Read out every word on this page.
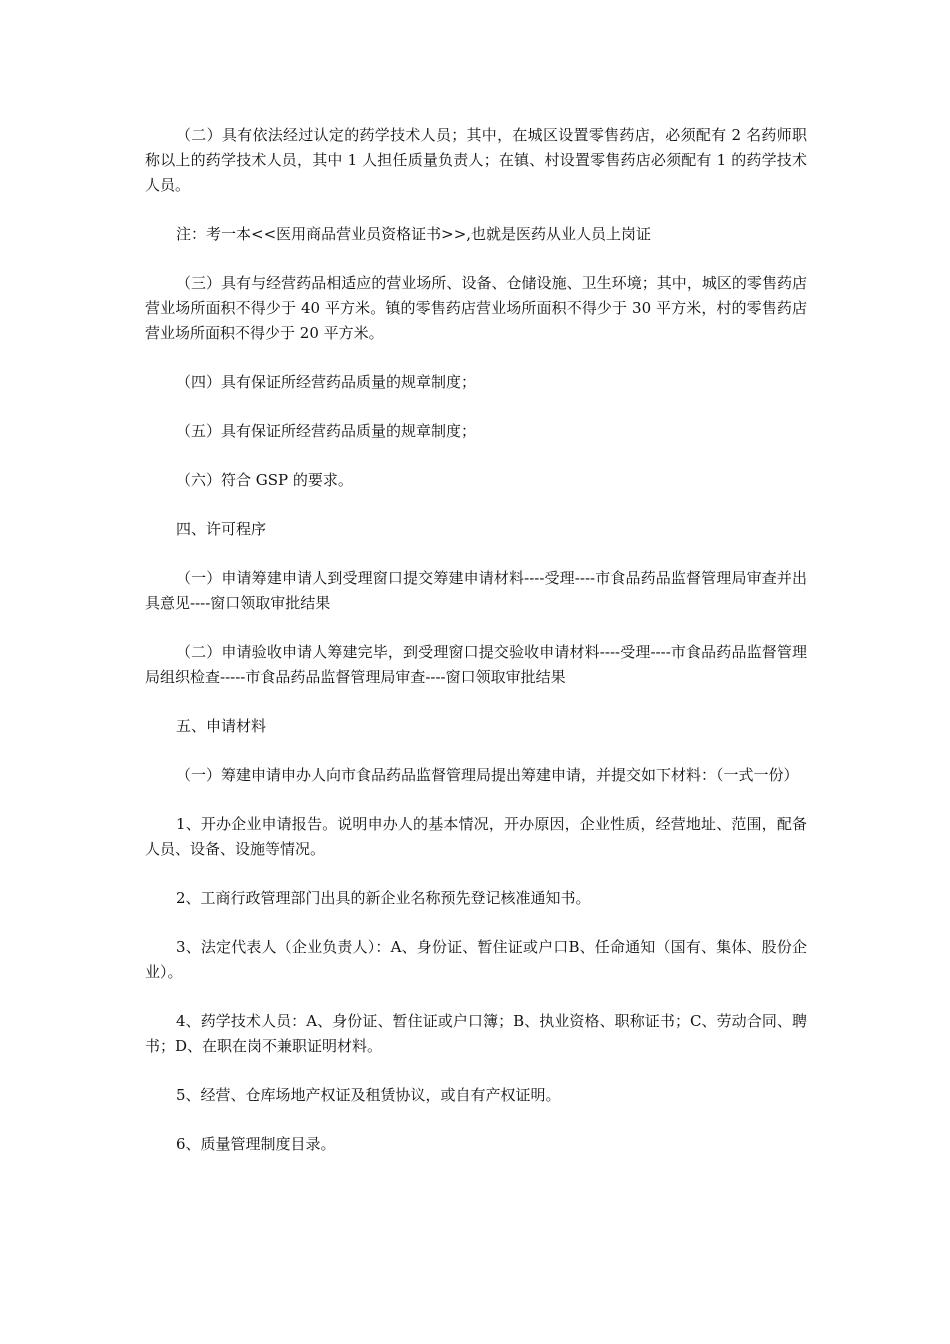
（二）具有依法经过认定的药学技术人员；其中，在城区设置零售药店，必须配有 2 名药师职称以上的药学技术人员，其中 1 人担任质量负责人；在镇、村设置零售药店必须配有 1 的药学技术人员。

注：考一本<<医用商品营业员资格证书>>,也就是医药从业人员上岗证

（三）具有与经营药品相适应的营业场所、设备、仓储设施、卫生环境；其中，城区的零售药店营业场所面积不得少于 40 平方米。镇的零售药店营业场所面积不得少于 30 平方米，村的零售药店营业场所面积不得少于 20 平方米。

（四）具有保证所经营药品质量的规章制度；

（五）具有保证所经营药品质量的规章制度；

（六）符合 GSP 的要求。

四、许可程序

（一）申请筹建申请人到受理窗口提交筹建申请材料----受理----市食品药品监督管理局审查并出具意见----窗口领取审批结果

（二）申请验收申请人筹建完毕，到受理窗口提交验收申请材料----受理----市食品药品监督管理局组织检查-----市食品药品监督管理局审查----窗口领取审批结果

五、申请材料

（一）筹建申请申办人向市食品药品监督管理局提出筹建申请，并提交如下材料：（一式一份）

1、开办企业申请报告。说明申办人的基本情况，开办原因，企业性质，经营地址、范围，配备人员、设备、设施等情况。

2、工商行政管理部门出具的新企业名称预先登记核准通知书。

3、法定代表人（企业负责人）：A、身份证、暂住证或户口B、任命通知（国有、集体、股份企业）。

4、药学技术人员：A、身份证、暂住证或户口簿；B、执业资格、职称证书；C、劳动合同、聘书；D、在职在岗不兼职证明材料。

5、经营、仓库场地产权证及租赁协议，或自有产权证明。

6、质量管理制度目录。
